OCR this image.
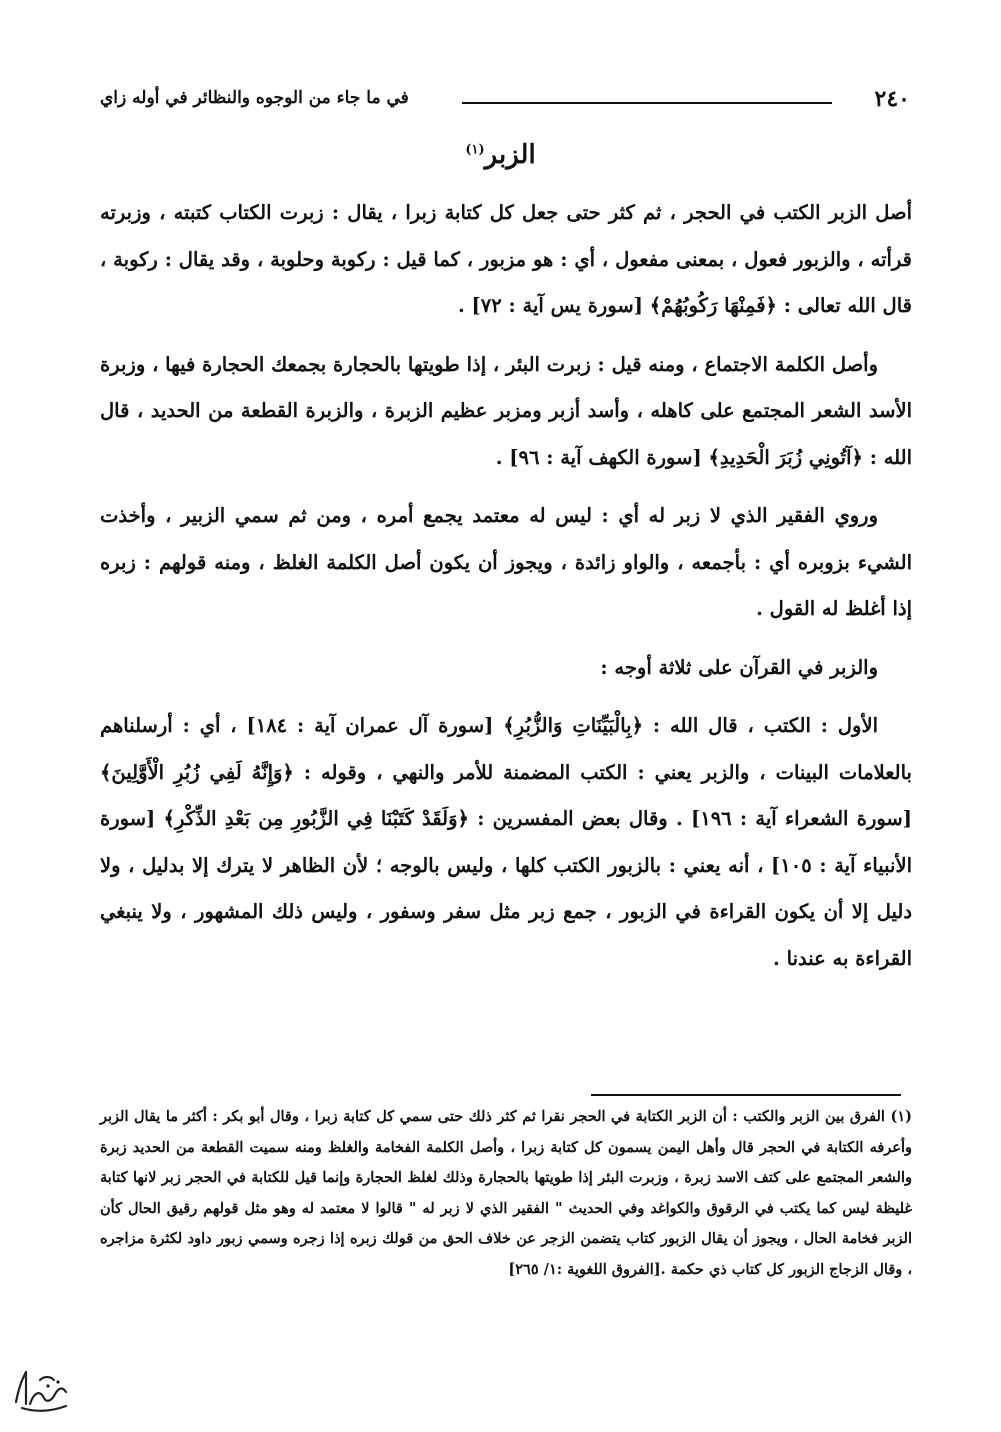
٢٤٠
في ما جاء من الوجوه والنظائر في أوله زاي
الزبر$^{(١)}$

أصل الزبر الكتب في الحجر ، ثم كثر حتى جعل كل كتابة زبرا ، يقال : زبرت الكتاب كتبته ، وزبرته قرأته ، والزبور فعول ، بمعنى مفعول ، أي : هو مزبور ، كما قيل : ركوبة وحلوبة ، وقد يقال : ركوبة ، قال الله تعالى : ﴿فَمِنْهَا رَكُوبُهُمْ﴾ [سورة يس آية : ٧٢] .

وأصل الكلمة الاجتماع ، ومنه قيل : زبرت البئر ، إذا طويتها بالحجارة بجمعك الحجارة فيها ، وزبرة الأسد الشعر المجتمع على كاهله ، وأسد أزبر ومزبر عظيم الزبرة ، والزبرة القطعة من الحديد ، قال الله : ﴿آتُونِي زُبَرَ الْحَدِيدِ﴾ [سورة الكهف آية : ٩٦] .

وروي الفقير الذي لا زبر له أي : ليس له معتمد يجمع أمره ، ومن ثم سمي الزبير ، وأخذت الشيء بزوبره أي : بأجمعه ، والواو زائدة ، ويجوز أن يكون أصل الكلمة الغلظ ، ومنه قولهم : زبره إذا أغلظ له القول .

والزبر في القرآن على ثلاثة أوجه :

الأول : الكتب ، قال الله : ﴿بِالْبَيِّنَاتِ وَالزُّبُرِ﴾ [سورة آل عمران آية : ١٨٤] ، أي : أرسلناهم بالعلامات البينات ، والزبر يعني : الكتب المضمنة للأمر والنهي ، وقوله : ﴿وَإِنَّهُ لَفِي زُبُرِ الْأَوَّلِينَ﴾ [سورة الشعراء آية : ١٩٦] . وقال بعض المفسرين : ﴿وَلَقَدْ كَتَبْنَا فِي الزَّبُورِ مِن بَعْدِ الذِّكْرِ﴾ [سورة الأنبياء آية : ١٠٥] ، أنه يعني : بالزبور الكتب كلها ، وليس بالوجه ؛ لأن الظاهر لا يترك إلا بدليل ، ولا دليل إلا أن يكون القراءة في الزبور ، جمع زبر مثل سفر وسفور ، وليس ذلك المشهور ، ولا ينبغي القراءة به عندنا .

(١) الفرق بين الزبر والكتب : أن الزبر الكتابة في الحجر نقرا ثم كثر ذلك حتى سمي كل كتابة زبرا ، وقال أبو بكر : أكثر ما يقال الزبر وأعرفه الكتابة في الحجر قال وأهل اليمن يسمون كل كتابة زبرا ، وأصل الكلمة الفخامة والغلظ ومنه سميت القطعة من الحديد زبرة والشعر المجتمع على كتف الاسد زبرة ، وزبرت البئر إذا طويتها بالحجارة وذلك لغلظ الحجارة وإنما قيل للكتابة في الحجر زبر لانها كتابة غليظة ليس كما يكتب في الرقوق والكواغد وفي الحديث " الفقير الذي لا زبر له " قالوا لا معتمد له وهو مثل قولهم رقيق الحال كأن الزبر فخامة الحال ، ويجوز أن يقال الزبور كتاب يتضمن الزجر عن خلاف الحق من قولك زبره إذا زجره وسمي زبور داود لكثرة مزاجره ، وقال الزجاج الزبور كل كتاب ذي حكمة .[الفروق اللغوية :١/ ٢٦٥]
